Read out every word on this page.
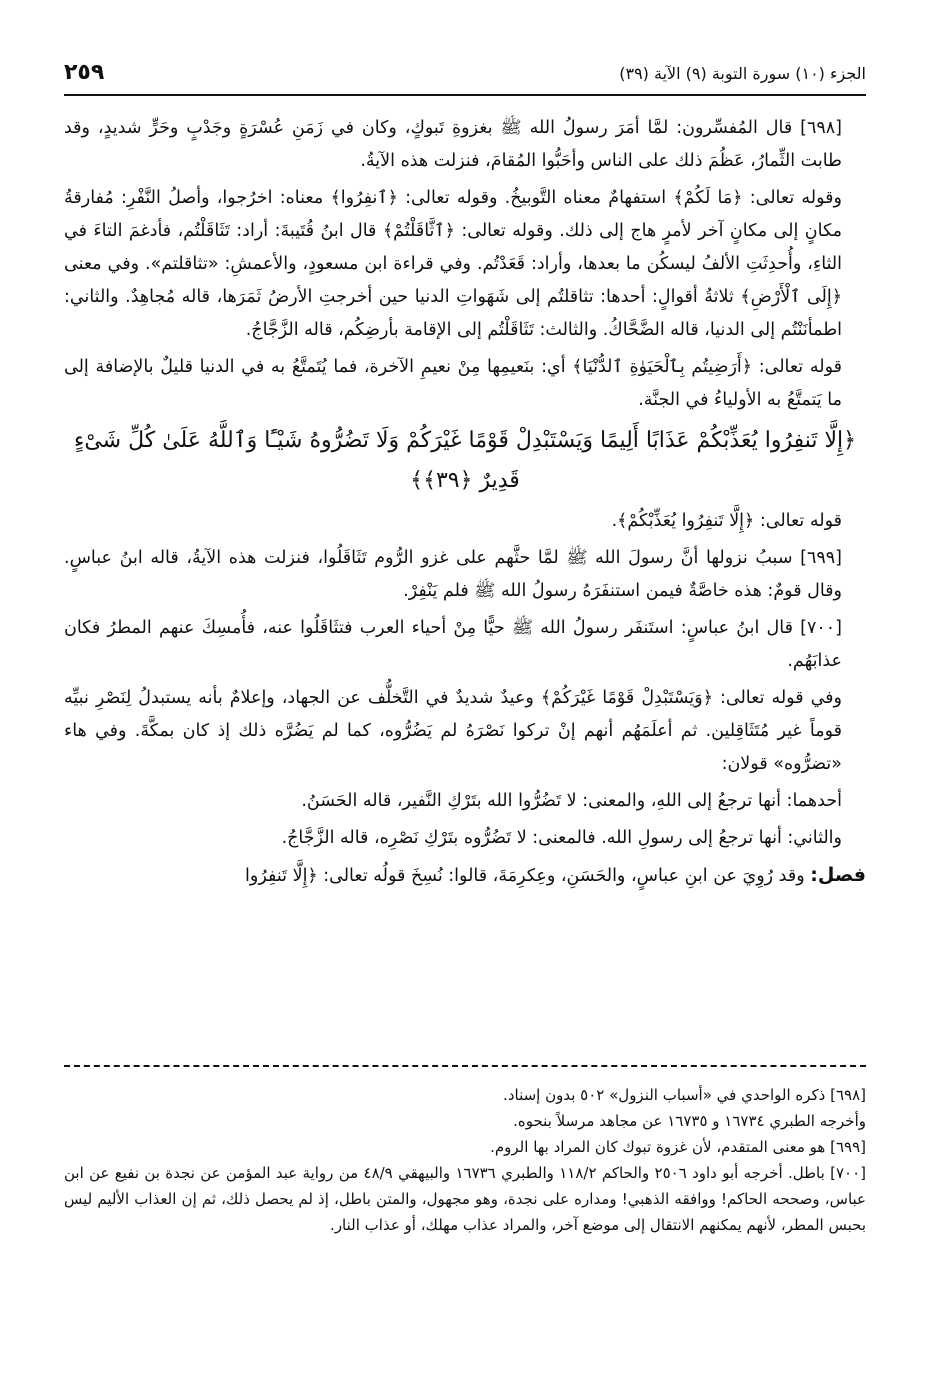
الجزء (١٠) سورة التوبة (٩) الآية (٣٩)
٢٥٩

[٦٩٨] قال المُفسِّرون: لمَّا أمَرَ رسولُ الله ﷺ بغزوةِ تَبوكٍ، وكان في زَمَنِ عُسْرَةٍ وجَدْبٍ وحَرٍّ شديدٍ، وقد طابت الثِّمارُ، عَظُمَ ذلك على الناس وأحَبُّوا المُقامَ، فنزلت هذه الآيةُ.

وقوله تعالى: ﴿مَا لَكُمْ﴾ استفهامٌ معناه التَّوبيخُ. وقوله تعالى: ﴿ٱنفِرُوا﴾ معناه: اخرُجوا، وأصلُ النَّفْرِ: مُفارقةُ مكانٍ إلى مكانٍ آخر لأمرٍ هاج إلى ذلك. وقوله تعالى: ﴿ٱثَّاقَلْتُمْ﴾ قال ابنُ قُتَيبةَ: أراد: تَثَاقَلْتُم، فأدغمَ التاءَ في الثاءِ، وأُحدِثَتِ الألفُ ليسكُن ما بعدها، وأراد: قَعَدْتُم. وفي قراءة ابن مسعودٍ، والأعمشِ: «تثاقلتم». وفي معنى ﴿إِلَى ٱلْأَرْضِ﴾ ثلاثةُ أقوالٍ: أحدها: تثاقلتُم إلى شَهَواتِ الدنيا حين أخرجتِ الأرضُ ثَمَرَها، قاله مُجاهِدٌ. والثاني: اطمأنَنْتُم إلى الدنيا، قاله الضَّحَّاكُ. والثالث: تَثَاقَلْتُم إلى الإقامة بأرضِكُم، قاله الزَّجَّاجُ.

قوله تعالى: ﴿أَرَضِيتُم بِٱلْحَيَوٰةِ ٱلدُّنْيَا﴾ أي: بنَعيمِها مِنْ نعيمِ الآخرة، فما يُتَمتَّعُ به في الدنيا قليلٌ بالإضافة إلى ما يَتمتَّعُ به الأولياءُ في الجنَّة.

﴿إِلَّا تَنفِرُوا يُعَذِّبْكُمْ عَذَابًا أَلِيمًا وَيَسْتَبْدِلْ قَوْمًا غَيْرَكُمْ وَلَا تَضُرُّوهُ شَيْـًٔا وَٱللَّهُ عَلَىٰ كُلِّ شَىْءٍ قَدِيرٌ ﴿٣٩﴾﴾

قوله تعالى: ﴿إِلَّا تَنفِرُوا يُعَذِّبْكُمْ﴾.

[٦٩٩] سببُ نزولها أنَّ رسولَ الله ﷺ لمَّا حثَّهم على غزو الرُّوم تَثَاقَلُوا، فنزلت هذه الآيةُ، قاله ابنُ عباسٍ. وقال قومٌ: هذه خاصَّةٌ فيمن استنفَرَهُ رسولُ الله ﷺ فلم يَنْفِرْ.

[٧٠٠] قال ابنُ عباسٍ: استَنفَر رسولُ الله ﷺ حيًّا مِنْ أحياء العرب فتثَاقَلُوا عنه، فأُمسِكَ عنهم المطرُ فكان عذابَهُم.

وفي قوله تعالى: ﴿وَيَسْتَبْدِلْ قَوْمًا غَيْرَكُمْ﴾ وعيدٌ شديدٌ في التَّخلُّف عن الجهاد، وإعلامٌ بأنه يستبدلُ لِنَصْرِ نبيِّه قوماً غير مُتَثَاقِلين. ثم أعلَمَهُم أنهم إنْ تركوا نَصْرَهُ لم يَضُرُّوه، كما لم يَضُرَّه ذلك إذ كان بمكَّةَ. وفي هاء «تضرُّوه» قولان:

أحدهما: أنها ترجعُ إلى اللهِ، والمعنى: لا تَضُرُّوا الله بتَرْكِ النَّفير، قاله الحَسَنُ.

والثاني: أنها ترجعُ إلى رسولِ الله. فالمعنى: لا تَضُرُّوه بتَرْكِ نَصْرِه، قاله الزَّجَّاجُ.

فصل: وقد رُوِيَ عن ابنِ عباسٍ، والحَسَنِ، وعِكرِمَةَ، قالوا: نُسِخَ قولُه تعالى: ﴿إِلَّا تَنفِرُوا

[٦٩٨] ذكره الواحدي في «أسباب النزول» ٥٠٢ بدون إسناد.

وأخرجه الطبري ١٦٧٣٤ و ١٦٧٣٥ عن مجاهد مرسلاً بنحوه.

[٦٩٩] هو معنى المتقدم، لأن غزوة تبوك كان المراد بها الروم.

[٧٠٠] باطل. أخرجه أبو داود ٢٥٠٦ والحاكم ١١٨/٢ والطبري ١٦٧٣٦ والبيهقي ٤٨/٩ من رواية عبد المؤمن عن نجدة بن نفيع عن ابن عباس، وصححه الحاكم! ووافقه الذهبي! ومداره على نجدة، وهو مجهول، والمتن باطل، إذ لم يحصل ذلك، ثم إن العذاب الأليم ليس بحبس المطر، لأنهم يمكنهم الانتقال إلى موضع آخر، والمراد عذاب مهلك، أو عذاب النار.
